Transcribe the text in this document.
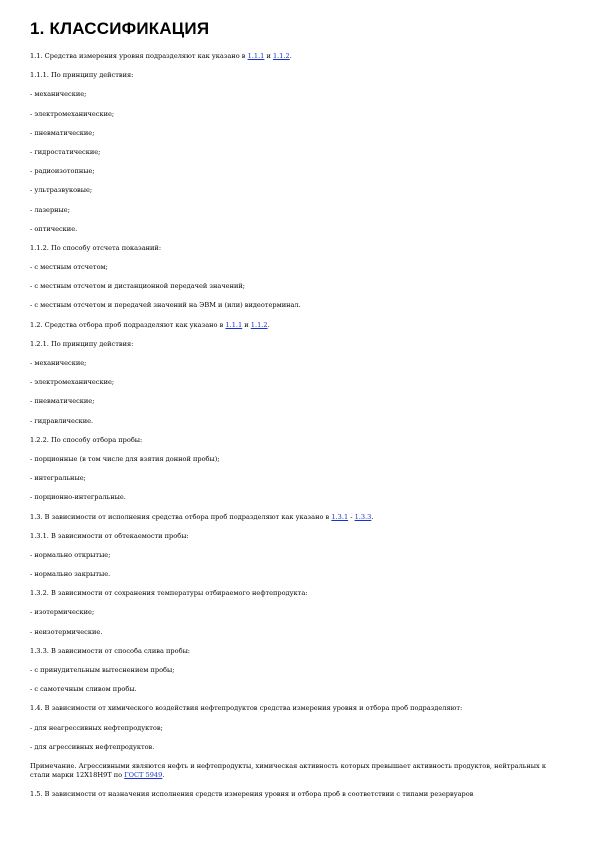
1. КЛАССИФИКАЦИЯ
1.1. Средства измерения уровня подразделяют как указано в 1.1.1 и 1.1.2.
1.1.1. По принципу действия:
- механические;
- электромеханические;
- пневматические;
- гидростатические;
- радиоизотопные;
- ультразвуковые;
- лазерные;
- оптические.
1.1.2. По способу отсчета показаний:
- с местным отсчетом;
- с местным отсчетом и дистанционной передачей значений;
- с местным отсчетом и передачей значений на ЭВМ и (или) видеотерминал.
1.2. Средства отбора проб подразделяют как указано в 1.1.1 и 1.1.2.
1.2.1. По принципу действия:
- механические;
- электромеханические;
- пневматические;
- гидравлические.
1.2.2. По способу отбора пробы:
- порционные (в том числе для взятия донной пробы);
- интегральные;
- порционно-интегральные.
1.3. В зависимости от исполнения средства отбора проб подразделяют как указано в 1.3.1 - 1.3.3.
1.3.1. В зависимости от обтекаемости пробы:
- нормально открытые;
- нормально закрытые.
1.3.2. В зависимости от сохранения температуры отбираемого нефтепродукта:
- изотермические;
- неизотермические.
1.3.3. В зависимости от способа слива пробы:
- с принудительным вытеснением пробы;
- с самотечным сливом пробы.
1.4. В зависимости от химического воздействия нефтепродуктов средства измерения уровня и отбора проб подразделяют:
- для неагрессивных нефтепродуктов;
- для агрессивных нефтепродуктов.
Примечание. Агрессивными являются нефть и нефтепродукты, химическая активность которых превышает активность продуктов, нейтральных к стали марки 12Х18Н9Т по ГОСТ 5949.
1.5. В зависимости от назначения исполнения средств измерения уровня и отбора проб в соответствии с типами резервуаров
